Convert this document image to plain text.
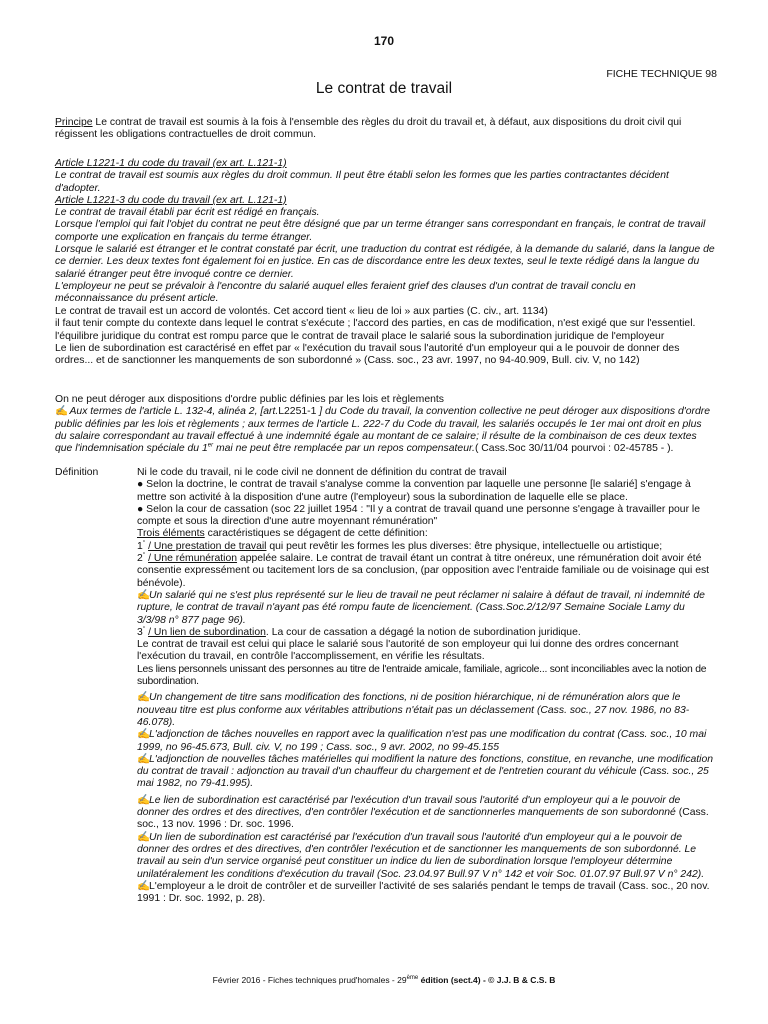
170
FICHE TECHNIQUE 98
Le contrat de travail

Principe Le contrat de travail est soumis à la fois à l'ensemble des règles du droit du travail et, à défaut, aux dispositions du droit civil qui régissent les obligations contractuelles de droit commun.

Article L1221-1 du code du travail (ex art. L.121-1)

Le contrat de travail est soumis aux règles du droit commun. Il peut être établi selon les formes que les parties contractantes décident d'adopter.

Article L1221-3 du code du travail (ex art. L.121-1)

Le contrat de travail établi par écrit est rédigé en français.

Lorsque l'emploi qui fait l'objet du contrat ne peut être désigné que par un terme étranger sans correspondant en français, le contrat de travail comporte une explication en français du terme étranger.

Lorsque le salarié est étranger et le contrat constaté par écrit, une traduction du contrat est rédigée, à la demande du salarié, dans la langue de ce dernier. Les deux textes font également foi en justice. En cas de discordance entre les deux textes, seul le texte rédigé dans la langue du salarié étranger peut être invoqué contre ce dernier.

L'employeur ne peut se prévaloir à l'encontre du salarié auquel elles feraient grief des clauses d'un contrat de travail conclu en méconnaissance du présent article.

Le contrat de travail est un accord de volontés. Cet accord tient « lieu de loi » aux parties (C. civ., art. 1134)

il faut tenir compte du contexte dans lequel le contrat s'exécute ; l'accord des parties, en cas de modification, n'est exigé que sur l'essentiel.

l'équilibre juridique du contrat est rompu parce que le contrat de travail place le salarié sous la subordination juridique de l'employeur

Le lien de subordination est caractérisé en effet par « l'exécution du travail sous l'autorité d'un employeur qui a le pouvoir de donner des ordres... et de sanctionner les manquements de son subordonné » (Cass. soc., 23 avr. 1997, no 94-40.909, Bull. civ. V, no 142)

On ne peut déroger aux dispositions d'ordre public définies par les lois et règlements

✍ Aux termes de l'article L. 132-4, alinéa 2, [art.L2251-1 ] du Code du travail, la convention collective ne peut déroger aux dispositions d'ordre public définies par les lois et règlements ; aux termes de l'article L. 222-7 du Code du travail, les salariés occupés le 1er mai ont droit en plus du salaire correspondant au travail effectué à une indemnité égale au montant de ce salaire; il résulte de la combinaison de ces deux textes que l'indemnisation spéciale du 1er mai ne peut être remplacée par un repos compensateur.( Cass.Soc 30/11/04 pourvoi : 02-45785 - ).

Définition	Ni le code du travail, ni le code civil ne donnent de définition du contrat de travail

● Selon la doctrine, le contrat de travail s'analyse comme la convention par laquelle une personne [le salarié] s'engage à mettre son activité à la disposition d'une autre (l'employeur) sous la subordination de laquelle elle se place.

● Selon la cour de cassation (soc 22 juillet 1954 : "Il y a contrat de travail quand une personne s'engage à travailler pour le compte et sous la direction d'une autre moyennant rémunération"

Trois éléments caractéristiques se dégagent de cette définition:

1° / Une prestation de travail qui peut revêtir les formes les plus diverses: être physique, intellectuelle ou artistique;

2° / Une rémunération appelée salaire. Le contrat de travail étant un contrat à titre onéreux, une rémunération doit avoir été consentie expressément ou tacitement lors de sa conclusion, (par opposition avec l'entraide familiale ou de voisinage qui est bénévole).

✍Un salarié qui ne s'est plus représenté sur le lieu de travail ne peut réclamer ni salaire à défaut de travail, ni indemnité de rupture, le contrat de travail n'ayant pas été rompu faute de licenciement. (Cass.Soc.2/12/97 Semaine Sociale Lamy du 3/3/98 n° 877 page 96).

3° / Un lien de subordination. La cour de cassation a dégagé la notion de subordination juridique.

Le contrat de travail est celui qui place le salarié sous l'autorité de son employeur qui lui donne des ordres concernant l'exécution du travail, en contrôle l'accomplissement, en vérifie les résultats.

Les liens personnels unissant des personnes au titre de l'entraide amicale, familiale, agricole... sont inconciliables avec la notion de subordination.

✍Un changement de titre sans modification des fonctions, ni de position hiérarchique, ni de rémunération alors que le nouveau titre est plus conforme aux véritables attributions n'était pas un déclassement (Cass. soc., 27 nov. 1986, no 83-46.078).

✍L'adjonction de tâches nouvelles en rapport avec la qualification n'est pas une modification du contrat (Cass. soc., 10 mai 1999, no 96-45.673, Bull. civ. V, no 199 ; Cass. soc., 9 avr. 2002, no 99-45.155

✍L'adjonction de nouvelles tâches matérielles qui modifient la nature des fonctions, constitue, en revanche, une modification du contrat de travail : adjonction au travail d'un chauffeur du chargement et de l'entretien courant du véhicule (Cass. soc., 25 mai 1982, no 79-41.995).

✍Le lien de subordination est caractérisé par l'exécution d'un travail sous l'autorité d'un employeur qui a le pouvoir de donner des ordres et des directives, d'en contrôler l'exécution et de sanctionnerles manquements de son subordonné (Cass. soc., 13 nov. 1996 : Dr. soc. 1996.

✍Un lien de subordination est caractérisé par l'exécution d'un travail sous l'autorité d'un employeur qui a le pouvoir de donner des ordres et des directives, d'en contrôler l'exécution et de sanctionner les manquements de son subordonné. Le travail au sein d'un service organisé peut constituer un indice du lien de subordination lorsque l'employeur détermine unilatéralement les conditions d'exécution du travail (Soc. 23.04.97 Bull.97 V n° 142 et voir Soc. 01.07.97 Bull.97 V n° 242).

✍L'employeur a le droit de contrôler et de surveiller l'activité de ses salariés pendant le temps de travail (Cass. soc., 20 nov. 1991 : Dr. soc. 1992, p. 28).

Février 2016 - Fiches techniques prud'homales - 29ème édition (sect.4) - © J.J. B & C.S. B
